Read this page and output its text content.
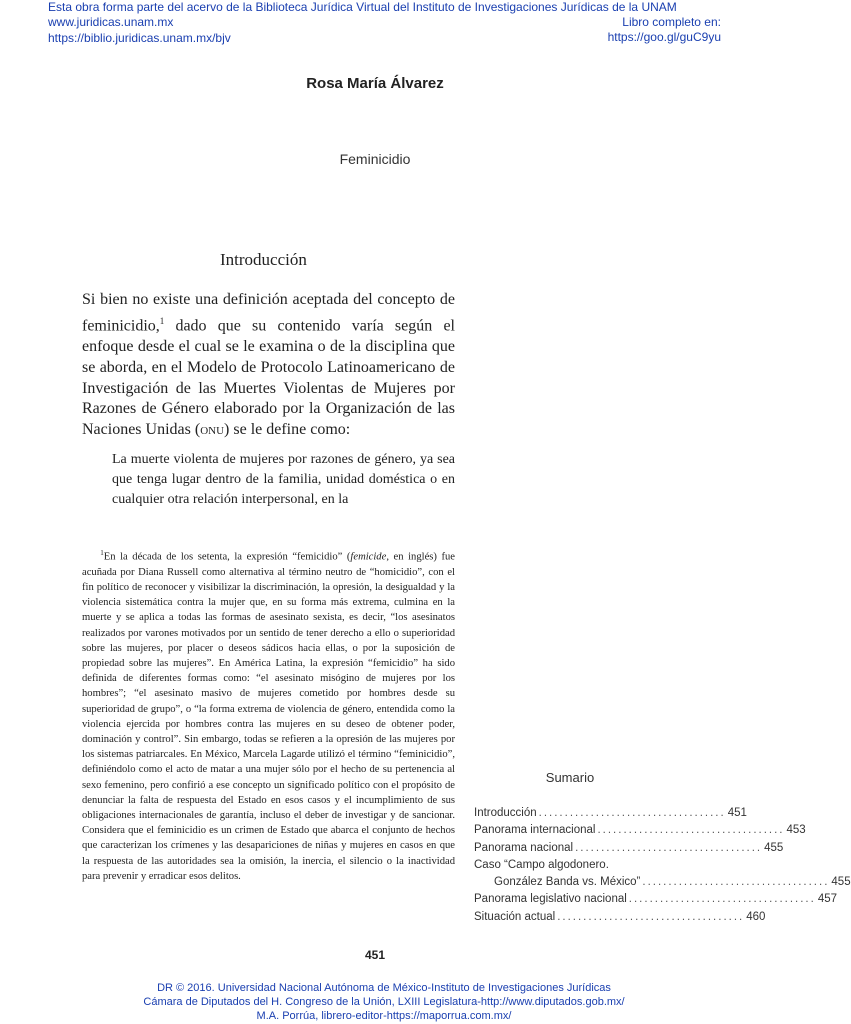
Esta obra forma parte del acervo de la Biblioteca Jurídica Virtual del Instituto de Investigaciones Jurídicas de la UNAM
www.juridicas.unam.mx	Libro completo en:
https://biblio.juridicas.unam.mx/bjv	https://goo.gl/guC9yu
Rosa María Álvarez
Feminicidio
Introducción
Si bien no existe una definición aceptada del concepto de feminicidio,$^1$ dado que su contenido varía según el enfoque desde el cual se le examina o de la disciplina que se aborda, en el Modelo de Protocolo Latinoamericano de Investigación de las Muertes Violentas de Mujeres por Razones de Género elaborado por la Organización de las Naciones Unidas (onu) se le define como:
La muerte violenta de mujeres por razones de género, ya sea que tenga lugar dentro de la familia, unidad doméstica o en cualquier otra relación interpersonal, en la
$^1$En la década de los setenta, la expresión “femicidio” (femicide, en inglés) fue acuñada por Diana Russell como alternativa al término neutro de “homicidio”, con el fin político de reconocer y visibilizar la discriminación, la opresión, la desigualdad y la violencia sistemática contra la mujer que, en su forma más extrema, culmina en la muerte y se aplica a todas las formas de asesinato sexista, es decir, “los asesinatos realizados por varones motivados por un sentido de tener derecho a ello o superioridad sobre las mujeres, por placer o deseos sádicos hacia ellas, o por la suposición de propiedad sobre las mujeres”. En América Latina, la expresión “femicidio” ha sido definida de diferentes formas como: “el asesinato misógino de mujeres por los hombres”; “el asesinato masivo de mujeres cometido por hombres desde su superioridad de grupo”, o “la forma extrema de violencia de género, entendida como la violencia ejercida por hombres contra las mujeres en su deseo de obtener poder, dominación y control”. Sin embargo, todas se refieren a la opresión de las mujeres por los sistemas patriarcales. En México, Marcela Lagarde utilizó el término “feminicidio”, definiéndolo como el acto de matar a una mujer sólo por el hecho de su pertenencia al sexo femenino, pero confirió a ese concepto un significado político con el propósito de denunciar la falta de respuesta del Estado en esos casos y el incumplimiento de sus obligaciones internacionales de garantía, incluso el deber de investigar y de sancionar. Considera que el feminicidio es un crimen de Estado que abarca el conjunto de hechos que caracterizan los crímenes y las desapariciones de niñas y mujeres en casos en que la respuesta de las autoridades sea la omisión, la inercia, el silencio o la inactividad para prevenir y erradicar esos delitos.
Sumario
Introducción .................................... 451
Panorama internacional .................................... 453
Panorama nacional .................................... 455
Caso “Campo algodonero.
González Banda vs. México” .................................... 455
Panorama legislativo nacional .................................... 457
Situación actual .................................... 460
451
DR © 2016. Universidad Nacional Autónoma de México-Instituto de Investigaciones Jurídicas
Cámara de Diputados del H. Congreso de la Unión, LXIII Legislatura-http://www.diputados.gob.mx/
M.A. Porrúa, librero-editor-https://maporrua.com.mx/
